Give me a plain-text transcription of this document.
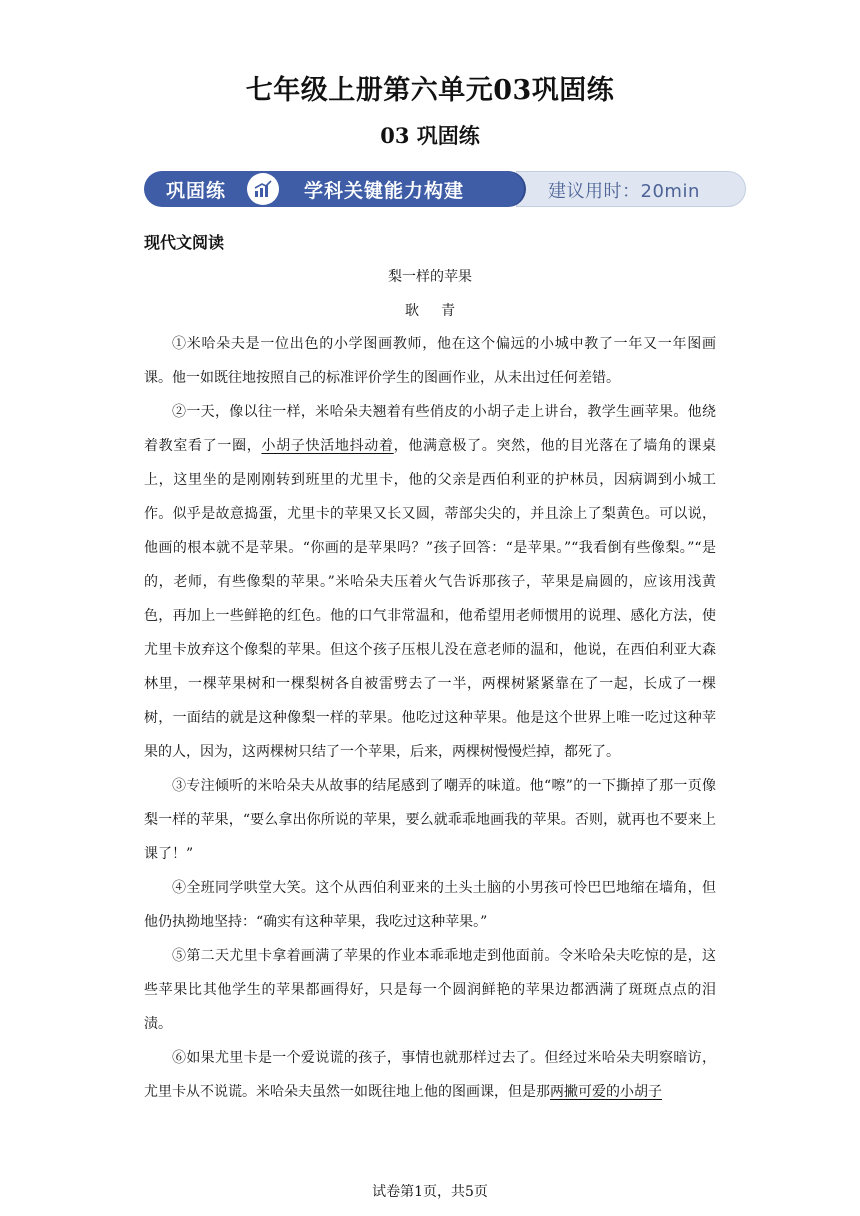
七年级上册第六单元03巩固练
03 巩固练
巩固练	学科关键能力构建	建议用时：20min
现代文阅读
梨一样的苹果
耿 青

①米哈朵夫是一位出色的小学图画教师，他在这个偏远的小城中教了一年又一年图画课。他一如既往地按照自己的标准评价学生的图画作业，从未出过任何差错。

②一天，像以往一样，米哈朵夫翘着有些俏皮的小胡子走上讲台，教学生画苹果。他绕着教室看了一圈，小胡子快活地抖动着，他满意极了。突然，他的目光落在了墙角的课桌上，这里坐的是刚刚转到班里的尤里卡，他的父亲是西伯利亚的护林员，因病调到小城工作。似乎是故意捣蛋，尤里卡的苹果又长又圆，蒂部尖尖的，并且涂上了梨黄色。可以说，他画的根本就不是苹果。“你画的是苹果吗？”孩子回答：“是苹果。”“我看倒有些像梨。”“是的，老师，有些像梨的苹果。”米哈朵夫压着火气告诉那孩子，苹果是扁圆的，应该用浅黄色，再加上一些鲜艳的红色。他的口气非常温和，他希望用老师惯用的说理、感化方法，使尤里卡放弃这个像梨的苹果。但这个孩子压根儿没在意老师的温和，他说，在西伯利亚大森林里，一棵苹果树和一棵梨树各自被雷劈去了一半，两棵树紧紧靠在了一起，长成了一棵树，一面结的就是这种像梨一样的苹果。他吃过这种苹果。他是这个世界上唯一吃过这种苹果的人，因为，这两棵树只结了一个苹果，后来，两棵树慢慢烂掉，都死了。

③专注倾听的米哈朵夫从故事的结尾感到了嘲弄的味道。他“嚓”的一下撕掉了那一页像梨一样的苹果，“要么拿出你所说的苹果，要么就乖乖地画我的苹果。否则，就再也不要来上课了！”

④全班同学哄堂大笑。这个从西伯利亚来的土头土脑的小男孩可怜巴巴地缩在墙角，但他仍执拗地坚持：“确实有这种苹果，我吃过这种苹果。”

⑤第二天尤里卡拿着画满了苹果的作业本乖乖地走到他面前。令米哈朵夫吃惊的是，这些苹果比其他学生的苹果都画得好，只是每一个圆润鲜艳的苹果边都洒满了斑斑点点的泪渍。

⑥如果尤里卡是一个爱说谎的孩子，事情也就那样过去了。但经过米哈朵夫明察暗访，尤里卡从不说谎。米哈朵夫虽然一如既往地上他的图画课，但是那两撇可爱的小胡子

试卷第1页，共5页
